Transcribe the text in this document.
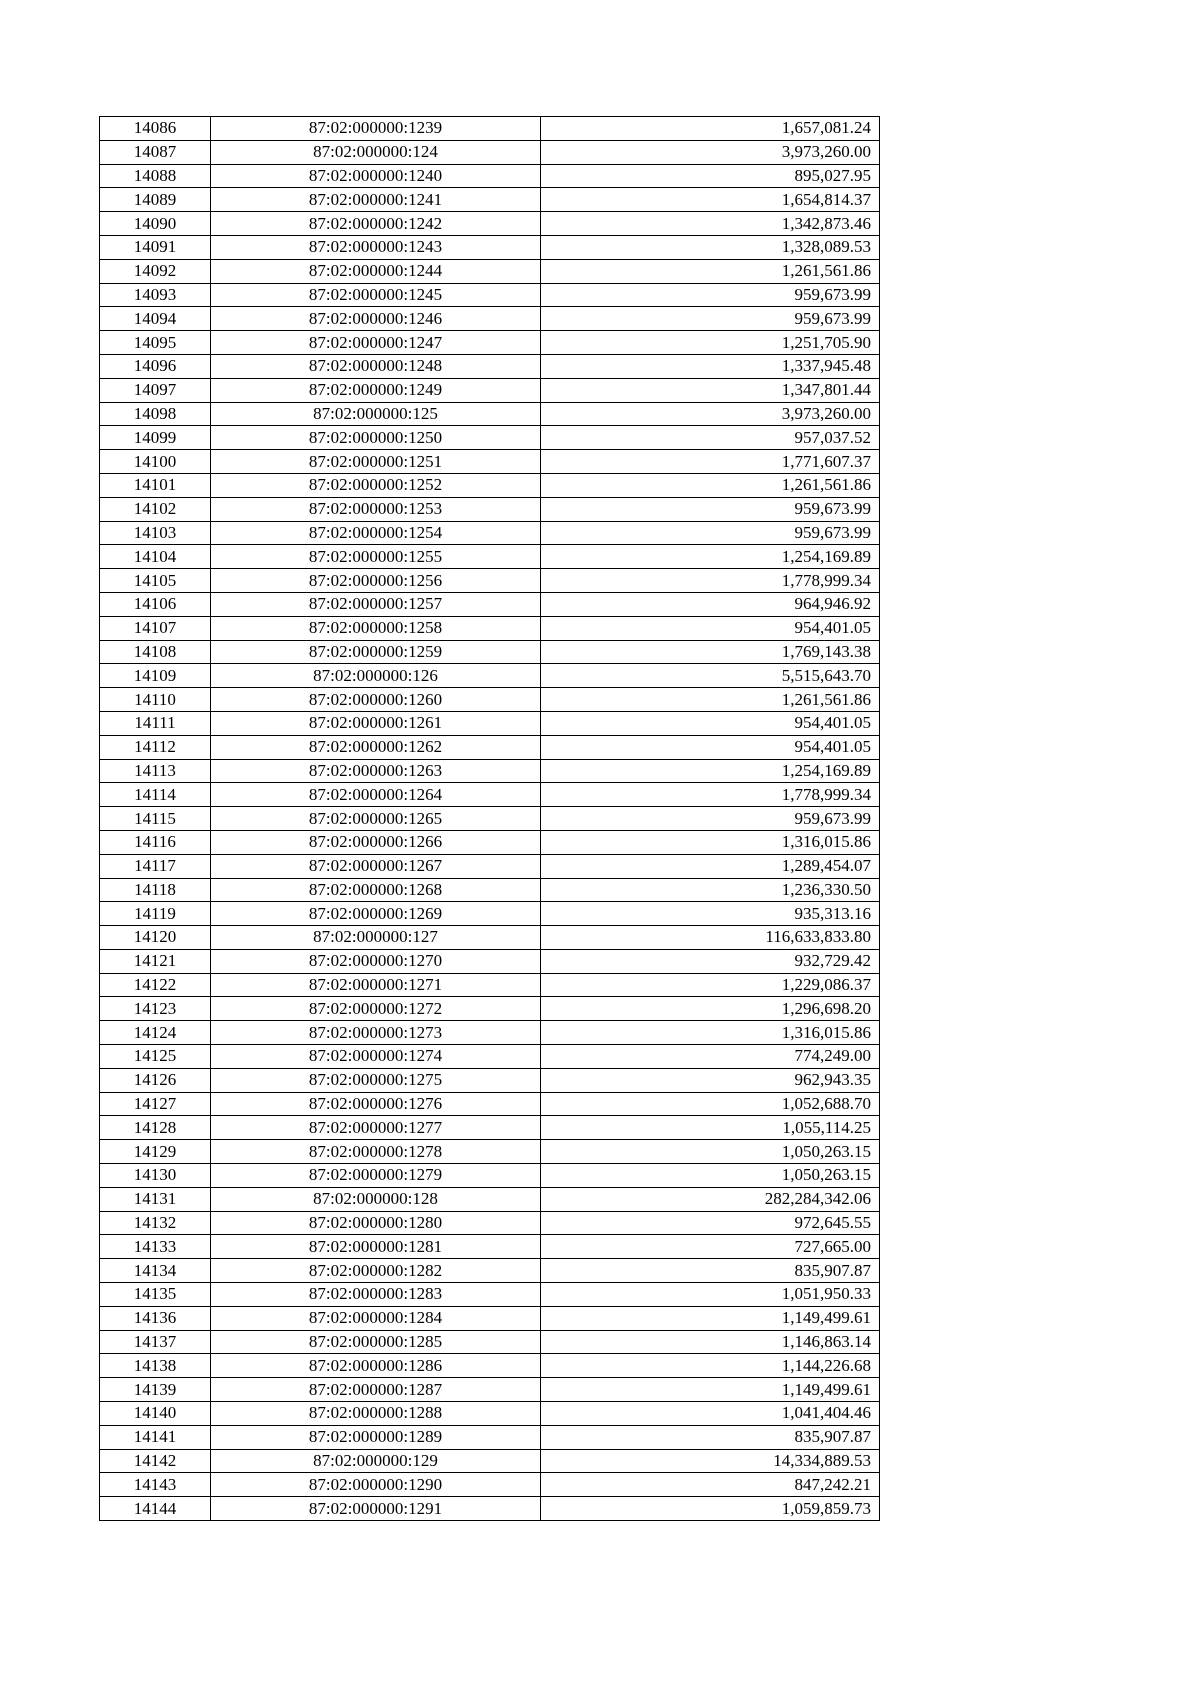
14086	87:02:000000:1239	1,657,081.24
14087	87:02:000000:124	3,973,260.00
14088	87:02:000000:1240	895,027.95
14089	87:02:000000:1241	1,654,814.37
14090	87:02:000000:1242	1,342,873.46
14091	87:02:000000:1243	1,328,089.53
14092	87:02:000000:1244	1,261,561.86
14093	87:02:000000:1245	959,673.99
14094	87:02:000000:1246	959,673.99
14095	87:02:000000:1247	1,251,705.90
14096	87:02:000000:1248	1,337,945.48
14097	87:02:000000:1249	1,347,801.44
14098	87:02:000000:125	3,973,260.00
14099	87:02:000000:1250	957,037.52
14100	87:02:000000:1251	1,771,607.37
14101	87:02:000000:1252	1,261,561.86
14102	87:02:000000:1253	959,673.99
14103	87:02:000000:1254	959,673.99
14104	87:02:000000:1255	1,254,169.89
14105	87:02:000000:1256	1,778,999.34
14106	87:02:000000:1257	964,946.92
14107	87:02:000000:1258	954,401.05
14108	87:02:000000:1259	1,769,143.38
14109	87:02:000000:126	5,515,643.70
14110	87:02:000000:1260	1,261,561.86
14111	87:02:000000:1261	954,401.05
14112	87:02:000000:1262	954,401.05
14113	87:02:000000:1263	1,254,169.89
14114	87:02:000000:1264	1,778,999.34
14115	87:02:000000:1265	959,673.99
14116	87:02:000000:1266	1,316,015.86
14117	87:02:000000:1267	1,289,454.07
14118	87:02:000000:1268	1,236,330.50
14119	87:02:000000:1269	935,313.16
14120	87:02:000000:127	116,633,833.80
14121	87:02:000000:1270	932,729.42
14122	87:02:000000:1271	1,229,086.37
14123	87:02:000000:1272	1,296,698.20
14124	87:02:000000:1273	1,316,015.86
14125	87:02:000000:1274	774,249.00
14126	87:02:000000:1275	962,943.35
14127	87:02:000000:1276	1,052,688.70
14128	87:02:000000:1277	1,055,114.25
14129	87:02:000000:1278	1,050,263.15
14130	87:02:000000:1279	1,050,263.15
14131	87:02:000000:128	282,284,342.06
14132	87:02:000000:1280	972,645.55
14133	87:02:000000:1281	727,665.00
14134	87:02:000000:1282	835,907.87
14135	87:02:000000:1283	1,051,950.33
14136	87:02:000000:1284	1,149,499.61
14137	87:02:000000:1285	1,146,863.14
14138	87:02:000000:1286	1,144,226.68
14139	87:02:000000:1287	1,149,499.61
14140	87:02:000000:1288	1,041,404.46
14141	87:02:000000:1289	835,907.87
14142	87:02:000000:129	14,334,889.53
14143	87:02:000000:1290	847,242.21
14144	87:02:000000:1291	1,059,859.73
